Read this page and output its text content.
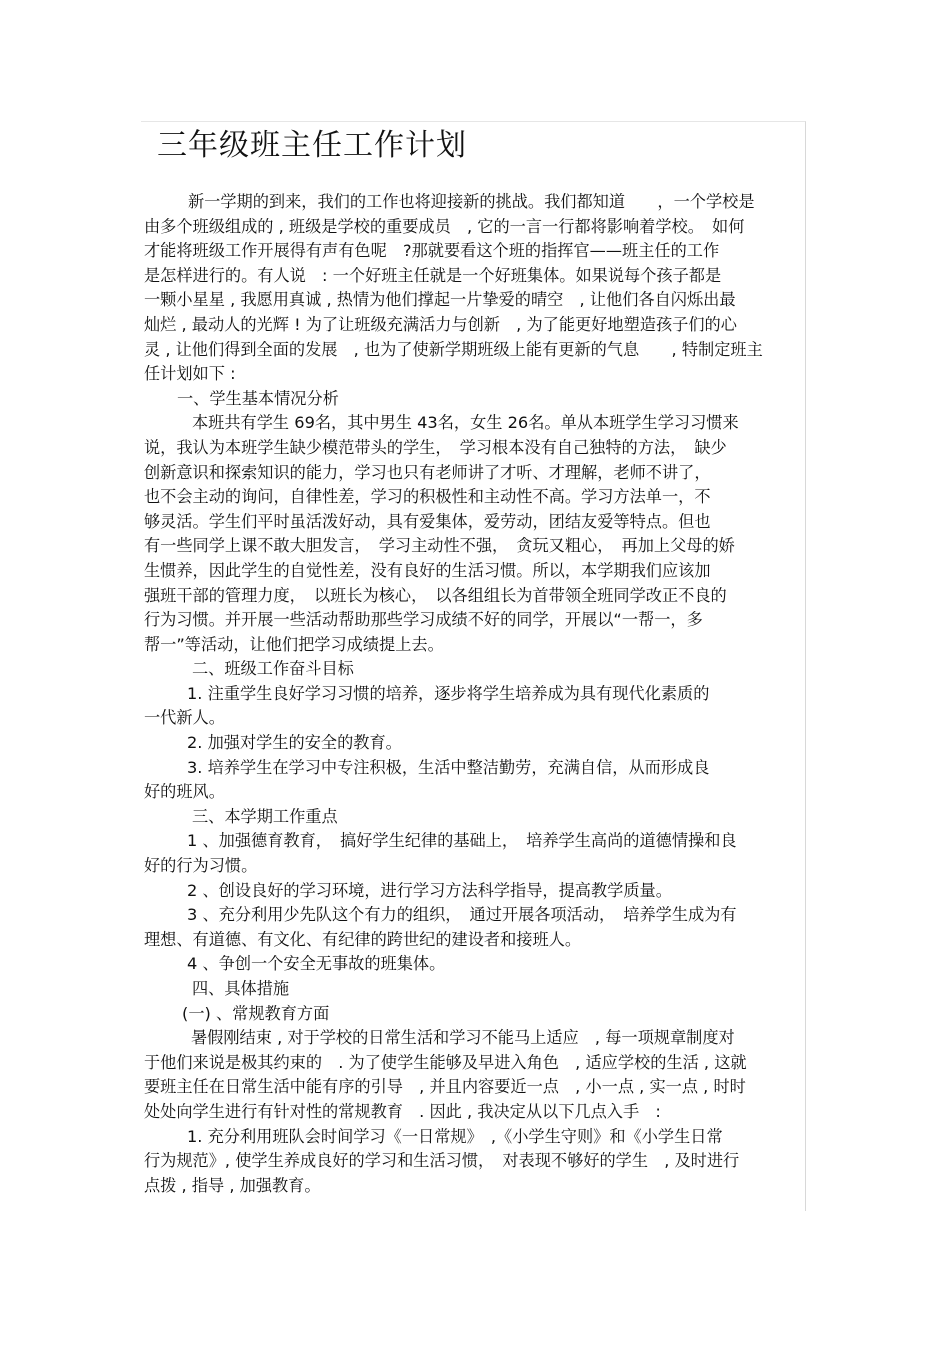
三年级班主任工作计划
新一学期的到来，我们的工作也将迎接新的挑战。我们都知道　　，一个学校是
由多个班级组成的 , 班级是学校的重要成员　, 它的一言一行都将影响着学校。　如何
才能将班级工作开展得有声有色呢　?那就要看这个班的指挥官——班主任的工作
是怎样进行的。有人说　: 一个好班主任就是一个好班集体。如果说每个孩子都是
一颗小星星 , 我愿用真诚 , 热情为他们撑起一片挚爱的晴空　, 让他们各自闪烁出最
灿烂 , 最动人的光辉 ! 为了让班级充满活力与创新　, 为了能更好地塑造孩子们的心
灵 , 让他们得到全面的发展　, 也为了使新学期班级上能有更新的气息　　, 特制定班主
任计划如下 :
一、学生基本情况分析
本班共有学生 69名，其中男生 43名，女生 26名。单从本班学生学习习惯来
说，我认为本班学生缺少模范带头的学生，　学习根本没有自己独特的方法，　缺少
创新意识和探索知识的能力，学习也只有老师讲了才听、才理解，老师不讲了，
也不会主动的询问，自律性差，学习的积极性和主动性不高。学习方法单一，不
够灵活。学生们平时虽活泼好动，具有爱集体，爱劳动，团结友爱等特点。但也
有一些同学上课不敢大胆发言，　学习主动性不强，　贪玩又粗心，　再加上父母的娇
生惯养，因此学生的自觉性差，没有良好的生活习惯。所以，本学期我们应该加
强班干部的管理力度，　以班长为核心，　以各组组长为首带领全班同学改正不良的
行为习惯。并开展一些活动帮助那些学习成绩不好的同学，开展以“一帮一，多
帮一”等活动，让他们把学习成绩提上去。
二、班级工作奋斗目标
1. 注重学生良好学习习惯的培养，逐步将学生培养成为具有现代化素质的
一代新人。
2. 加强对学生的安全的教育。
3. 培养学生在学习中专注积极，生活中整洁勤劳，充满自信，从而形成良
好的班风。
三、本学期工作重点
1 、加强德育教育，　搞好学生纪律的基础上，　培养学生高尚的道德情操和良
好的行为习惯。
2 、创设良好的学习环境，进行学习方法科学指导，提高教学质量。
3 、充分利用少先队这个有力的组织，　通过开展各项活动，　培养学生成为有
理想、有道德、有文化、有纪律的跨世纪的建设者和接班人。
4 、争创一个安全无事故的班集体。
四、具体措施
(一) 、常规教育方面
暑假刚结束 , 对于学校的日常生活和学习不能马上适应　, 每一项规章制度对
于他们来说是极其约束的　. 为了使学生能够及早进入角色　, 适应学校的生活 , 这就
要班主任在日常生活中能有序的引导　, 并且内容要近一点　, 小一点 , 实一点 , 时时
处处向学生进行有针对性的常规教育　. 因此 , 我决定从以下几点入手　:
1. 充分利用班队会时间学习《一日常规》　,《小学生守则》和《小学生日常
行为规范》, 使学生养成良好的学习和生活习惯，　对表现不够好的学生　, 及时进行
点拨 , 指导 , 加强教育。
